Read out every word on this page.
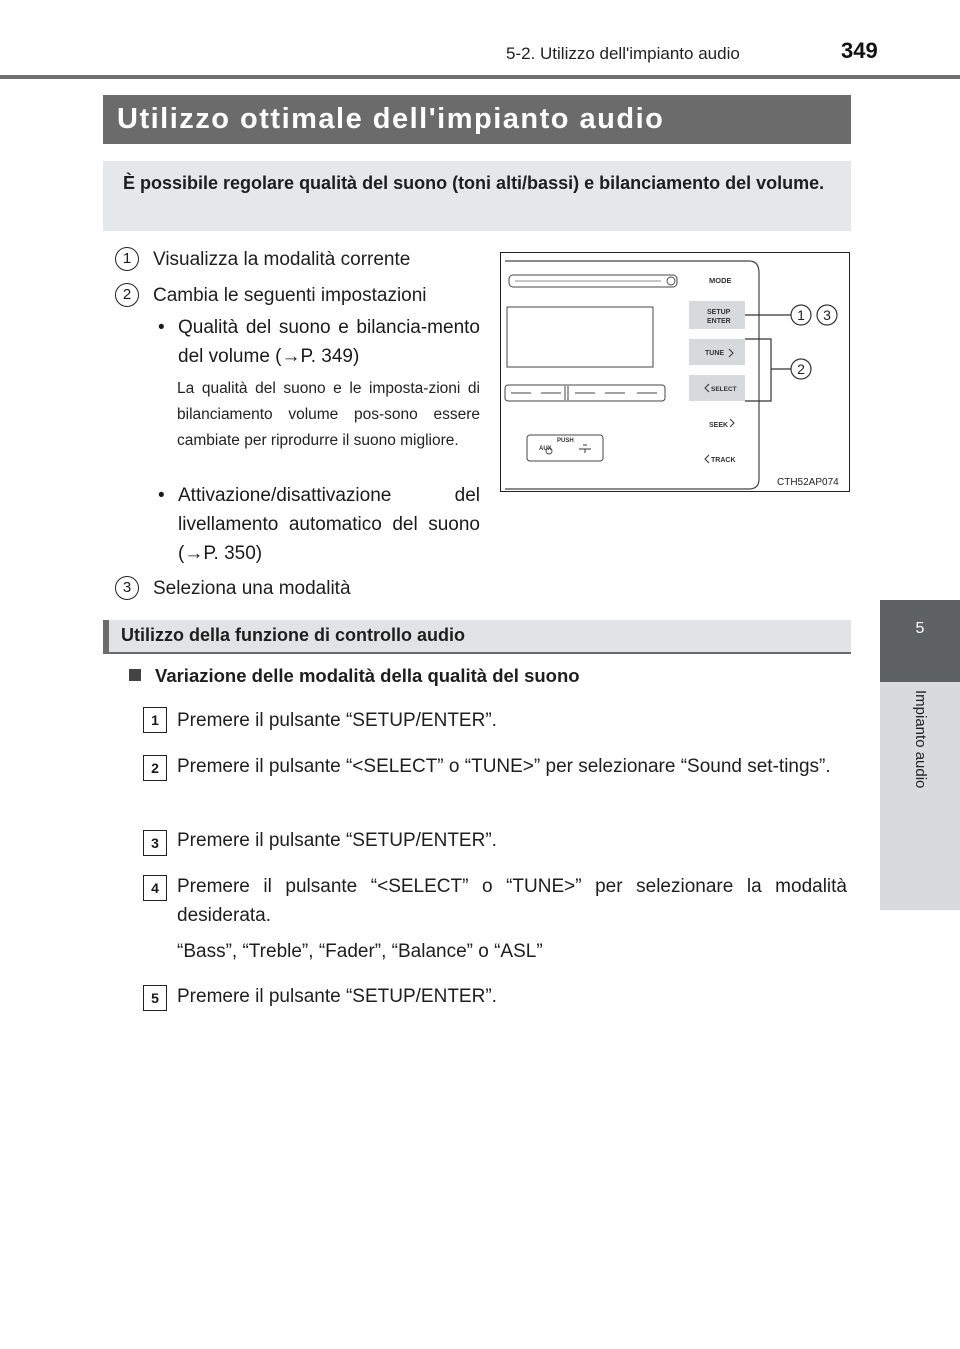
5-2. Utilizzo dell'impianto audio	349
5
Impianto audio
Utilizzo ottimale dell'impianto audio

È possibile regolare qualità del suono (toni alti/bassi) e bilanciamento del volume.

1	Visualizza la modalità corrente
2	Cambia le seguenti impostazioni
• Qualità del suono e bilancia-mento del volume (→P. 349)
La qualità del suono e le imposta-zioni di bilanciamento volume pos-sono essere cambiate per riprodurre il suono migliore.
• Attivazione/disattivazione del livellamento automatico del suono (→P. 350)
3	Seleziona una modalità
PUSH
AUX
MODE
SETUP
ENTER
TUNE
SELECT
SEEK
TRACK
1 3
2
CTH52AP074
Utilizzo della funzione di controllo audio
Variazione delle modalità della qualità del suono
1 Premere il pulsante “SETUP/ENTER”.
2 Premere il pulsante “<SELECT” o “TUNE>” per selezionare “Sound set-tings”.
3 Premere il pulsante “SETUP/ENTER”.
4 Premere il pulsante “<SELECT” o “TUNE>” per selezionare la modalità desiderata.
“Bass”, “Treble”, “Fader”, “Balance” o “ASL”
5 Premere il pulsante “SETUP/ENTER”.
